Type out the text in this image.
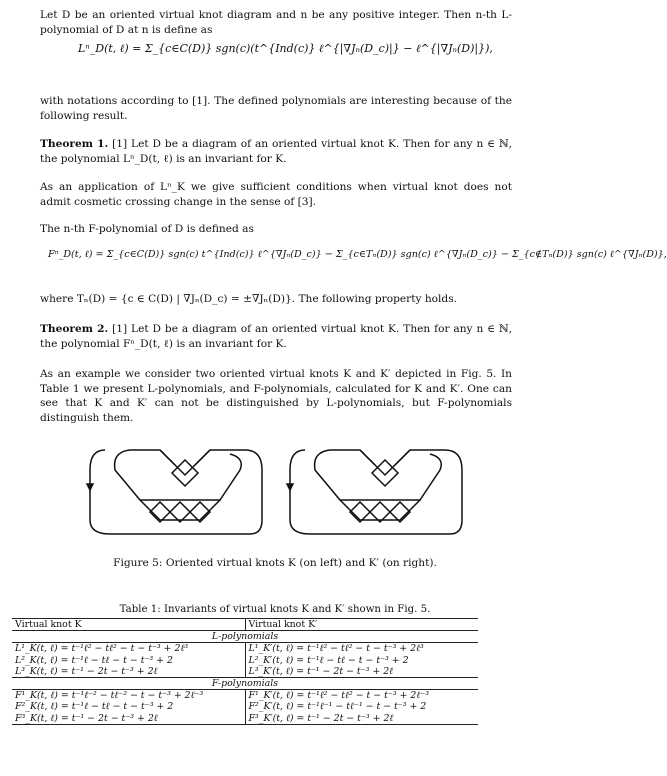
Let D be an oriented virtual knot diagram and n be any positive integer. Then n-th L-polynomial of D at n is define as
Lⁿ_D(t, ℓ) = Σ_{c∈C(D)} sgn(c)(t^{Ind(c)} ℓ^{|∇Jₙ(D_c)|} − ℓ^{|∇Jₙ(D)|}),
with notations according to [1]. The defined polynomials are interesting because of the following result.
Theorem 1. [1] Let D be a diagram of an oriented virtual knot K. Then for any n ∈ ℕ, the polynomial Lⁿ_D(t, ℓ) is an invariant for K.
As an application of Lⁿ_K we give sufficient conditions when virtual knot does not admit cosmetic crossing change in the sense of [3].
The n-th F-polynomial of D is defined as
Fⁿ_D(t, ℓ) = Σ_{c∈C(D)} sgn(c) t^{Ind(c)} ℓ^{∇Jₙ(D_c)} − Σ_{c∈Tₙ(D)} sgn(c) ℓ^{∇Jₙ(D_c)} − Σ_{c∉Tₙ(D)} sgn(c) ℓ^{∇Jₙ(D)},
where Tₙ(D) = {c ∈ C(D) | ∇Jₙ(D_c) = ±∇Jₙ(D)}. The following property holds.
Theorem 2. [1] Let D be a diagram of an oriented virtual knot K. Then for any n ∈ ℕ, the polynomial Fⁿ_D(t, ℓ) is an invariant for K.
As an example we consider two oriented virtual knots K and K′ depicted in Fig. 5. In Table 1 we present L-polynomials, and F-polynomials, calculated for K and K′. One can see that K and K′ can not be distinguished by L-polynomials, but F-polynomials distinguish them.
Figure 5: Oriented virtual knots K (on left) and K′ (on right).
Table 1: Invariants of virtual knots K and K′ shown in Fig. 5.
Virtual knot K	Virtual knot K′
L-polynomials	
L¹_K(t, ℓ) = t⁻¹ℓ² − tℓ² − t − t⁻³ + 2ℓ³	L¹_K′(t, ℓ) = t⁻¹ℓ² − tℓ² − t − t⁻³ + 2ℓ³
L²_K(t, ℓ) = t⁻¹ℓ − tℓ − t − t⁻³ + 2	L²_K′(t, ℓ) = t⁻¹ℓ − tℓ − t − t⁻³ + 2
L³_K(t, ℓ) = t⁻¹ − 2t − t⁻³ + 2ℓ	L³_K′(t, ℓ) = t⁻¹ − 2t − t⁻³ + 2ℓ
F-polynomials	
F¹_K(t, ℓ) = t⁻¹ℓ⁻² − tℓ⁻² − t − t⁻³ + 2ℓ⁻³	F¹_K′(t, ℓ) = t⁻¹ℓ² − tℓ² − t − t⁻³ + 2ℓ⁻³
F²_K(t, ℓ) = t⁻¹ℓ − tℓ − t − t⁻³ + 2	F²_K′(t, ℓ) = t⁻¹ℓ⁻¹ − tℓ⁻¹ − t − t⁻³ + 2
F³_K(t, ℓ) = t⁻¹ − 2t − t⁻³ + 2ℓ	F³_K′(t, ℓ) = t⁻¹ − 2t − t⁻³ + 2ℓ
